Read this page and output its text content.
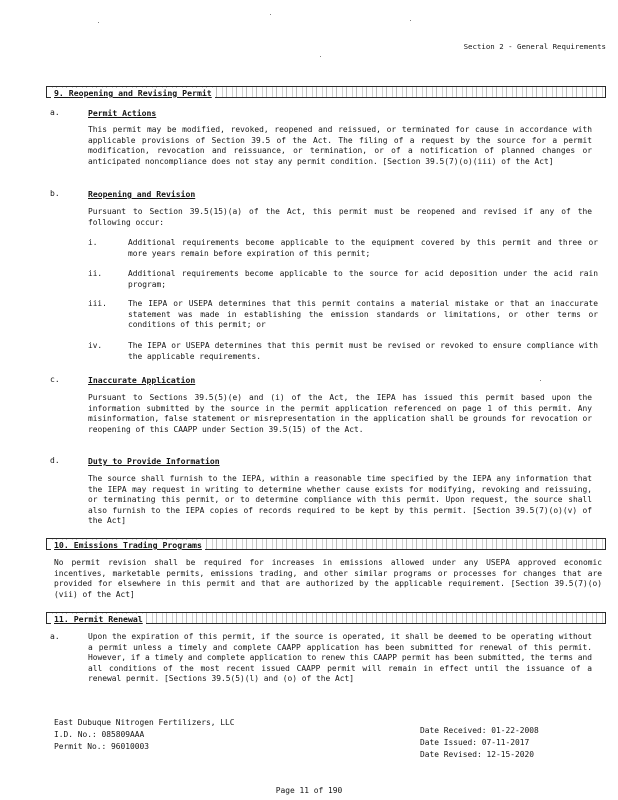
Section 2 - General Requirements
9. Reopening and Revising Permit
a.	Permit Actions
This permit may be modified, revoked, reopened and reissued, or terminated for cause in accordance with applicable provisions of Section 39.5 of the Act. The filing of a request by the source for a permit modification, revocation and reissuance, or termination, or of a notification of planned changes or anticipated noncompliance does not stay any permit condition. [Section 39.5(7)(o)(iii) of the Act]
b.	Reopening and Revision
Pursuant to Section 39.5(15)(a) of the Act, this permit must be reopened and revised if any of the following occur:
i.	Additional requirements become applicable to the equipment covered by this permit and three or more years remain before expiration of this permit;
ii.	Additional requirements become applicable to the source for acid deposition under the acid rain program;
iii.	The IEPA or USEPA determines that this permit contains a material mistake or that an inaccurate statement was made in establishing the emission standards or limitations, or other terms or conditions of this permit; or
iv.	The IEPA or USEPA determines that this permit must be revised or revoked to ensure compliance with the applicable requirements.
c.	Inaccurate Application
Pursuant to Sections 39.5(5)(e) and (i) of the Act, the IEPA has issued this permit based upon the information submitted by the source in the permit application referenced on page 1 of this permit. Any misinformation, false statement or misrepresentation in the application shall be grounds for revocation or reopening of this CAAPP under Section 39.5(15) of the Act.
d.	Duty to Provide Information
The source shall furnish to the IEPA, within a reasonable time specified by the IEPA any information that the IEPA may request in writing to determine whether cause exists for modifying, revoking and reissuing, or terminating this permit, or to determine compliance with this permit. Upon request, the source shall also furnish to the IEPA copies of records required to be kept by this permit. [Section 39.5(7)(o)(v) of the Act]
10. Emissions Trading Programs
No permit revision shall be required for increases in emissions allowed under any USEPA approved economic incentives, marketable permits, emissions trading, and other similar programs or processes for changes that are provided for elsewhere in this permit and that are authorized by the applicable requirement. [Section 39.5(7)(o)(vii) of the Act]
11. Permit Renewal
a.	Upon the expiration of this permit, if the source is operated, it shall be deemed to be operating without a permit unless a timely and complete CAAPP application has been submitted for renewal of this permit. However, if a timely and complete application to renew this CAAPP permit has been submitted, the terms and all conditions of the most recent issued CAAPP permit will remain in effect until the issuance of a renewal permit. [Sections 39.5(5)(l) and (o) of the Act]
East Dubuque Nitrogen Fertilizers, LLC
I.D. No.: 085809AAA
Permit No.: 96010003
Date Received: 01-22-2008
Date Issued: 07-11-2017
Date Revised: 12-15-2020
Page 11 of 190
